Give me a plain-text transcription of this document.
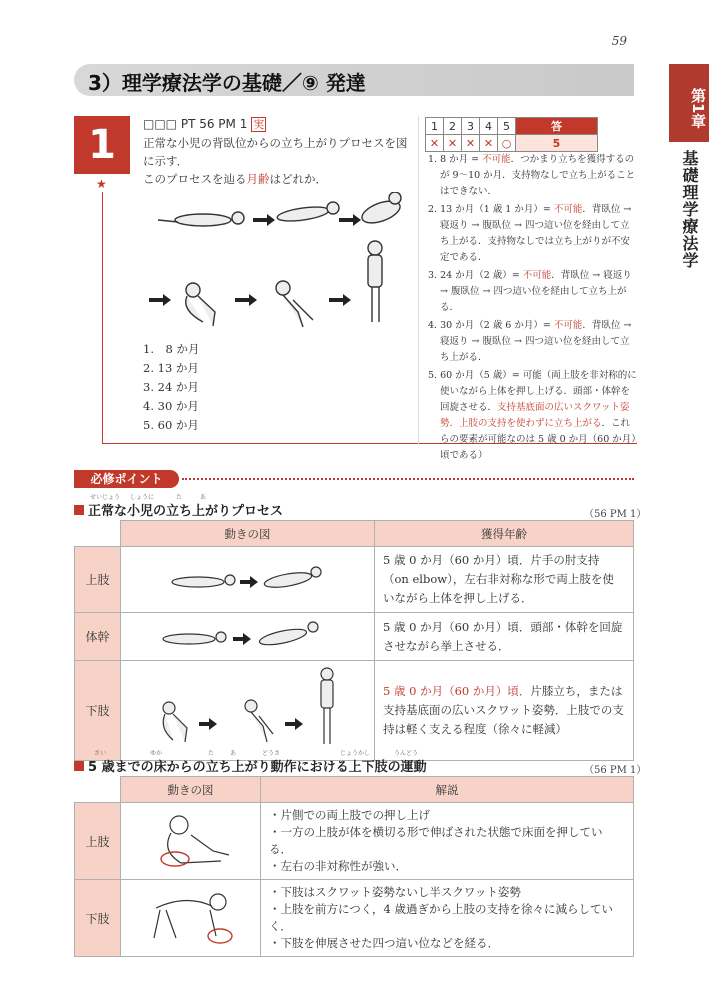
59
3）理学療法学の基礎／⑨ 発達
第1章
基礎理学療法学
1
★
□□□ PT 56 PM 1 実

正常な小児の背臥位からの立ち上がりプロセスを図に示す．

このプロセスを辿る月齢はどれか．

1.　8 か月
2. 13 か月
3. 24 か月
4. 30 か月
5. 60 か月
1	2	3	4	5	答
✕	✕	✕	✕	○	5

1. 8 か月 = 不可能．つかまり立ちを獲得するのが 9〜10 か月．支持物なしで立ち上がることはできない．

2. 13 か月（1 歳 1 か月）= 不可能．背臥位 → 寝返り → 腹臥位 → 四つ這い位を経由して立ち上がる．支持物なしでは立ち上がりが不安定である．

3. 24 か月（2 歳）= 不可能．背臥位 → 寝返り → 腹臥位 → 四つ這い位を経由して立ち上がる．

4. 30 か月（2 歳 6 か月）= 不可能．背臥位 → 寝返り → 腹臥位 → 四つ這い位を経由して立ち上がる．

5. 60 か月（5 歳）= 可能（両上肢を非対称的に使いながら上体を押し上げる．頭部・体幹を回旋させる．支持基底面の広いスクワット姿勢．上肢の支持を使わずに立ち上がる．これらの要素が可能なのは 5 歳 0 か月（60 か月）頃である）

必修ポイント
正常な小児の立ち上がりプロセス
せいじょう しょうに	た	あ
（56 PM 1）
	動きの図	獲得年齢
上肢		5 歳 0 か月（60 か月）頃．片手の肘支持（on elbow），左右非対称な形で両上肢を使いながら上体を押し上げる．
体幹		5 歳 0 か月（60 か月）頃．頭部・体幹を回旋させながら挙上させる．
下肢		5 歳 0 か月（60 か月）頃．片膝立ち，または支持基底面の広いスクワット姿勢．上肢での支持は軽く支える程度（徐々に軽減）
5 歳までの床からの立ち上がり動作における上下肢の運動
さい	ゆか	た	あ	どうさ	じょうかし	うんどう
（56 PM 1）
	動きの図	解説
上肢		・片側での両上肢での押し上げ

・一方の上肢が体を横切る形で伸ばされた状態で床面を押している．

・左右の非対称性が強い．

下肢		・下肢はスクワット姿勢ないし半スクワット姿勢

・上肢を前方につく，4 歳過ぎから上肢の支持を徐々に減らしていく．

・下肢を伸展させた四つ這い位などを経る．
